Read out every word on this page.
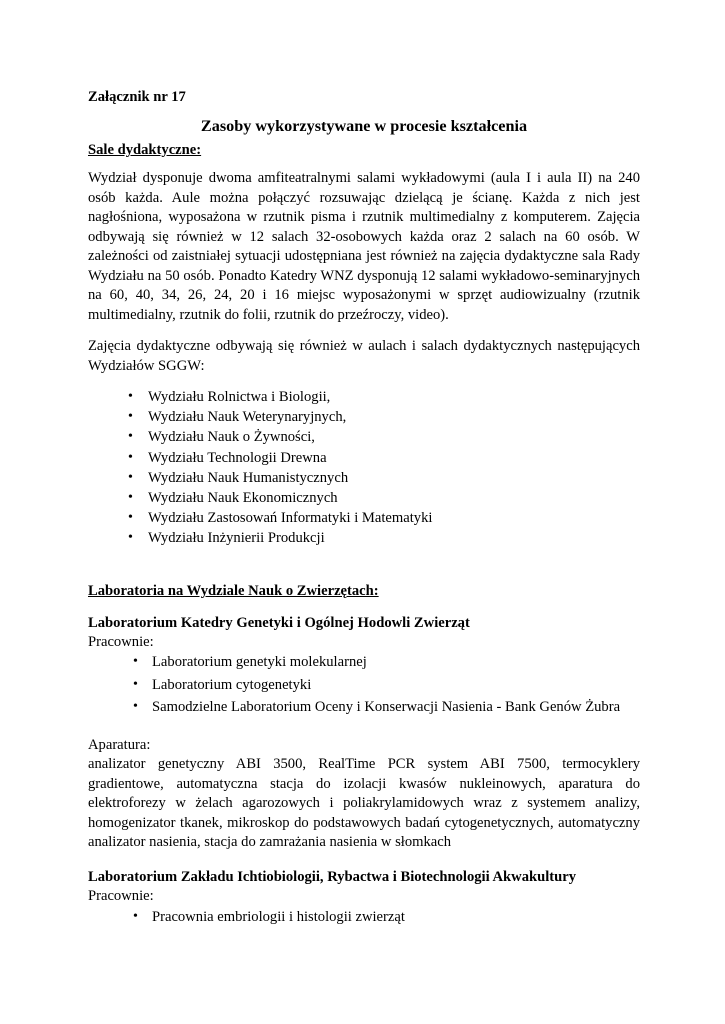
Załącznik nr 17
Zasoby wykorzystywane w procesie kształcenia
Sale dydaktyczne:

Wydział dysponuje dwoma amfiteatralnymi salami wykładowymi (aula I i aula II) na 240 osób każda. Aule można połączyć rozsuwając dzielącą je ścianę. Każda z nich jest nagłośniona, wyposażona w rzutnik pisma i rzutnik multimedialny z komputerem. Zajęcia odbywają się również w 12 salach 32-osobowych każda oraz 2 salach na 60 osób. W zależności od zaistniałej sytuacji udostępniana jest również na zajęcia dydaktyczne sala Rady Wydziału na 50 osób. Ponadto Katedry WNZ dysponują 12 salami wykładowo-seminaryjnych na 60, 40, 34, 26, 24, 20 i 16 miejsc wyposażonymi w sprzęt audiowizualny (rzutnik multimedialny, rzutnik do folii, rzutnik do przeźroczy, video).

Zajęcia dydaktyczne odbywają się również w aulach i salach dydaktycznych następujących Wydziałów SGGW:

• Wydziału Rolnictwa i Biologii,
• Wydziału Nauk Weterynaryjnych,
• Wydziału Nauk o Żywności,
• Wydziału Technologii Drewna
• Wydziału Nauk Humanistycznych
• Wydziału Nauk Ekonomicznych
• Wydziału Zastosowań Informatyki i Matematyki
• Wydziału Inżynierii Produkcji
Laboratoria na Wydziale Nauk o Zwierzętach:
Laboratorium Katedry Genetyki i Ogólnej Hodowli Zwierząt
Pracownie:
• Laboratorium genetyki molekularnej
• Laboratorium cytogenetyki
• Samodzielne Laboratorium Oceny i Konserwacji Nasienia - Bank Genów Żubra
Aparatura:

analizator genetyczny ABI 3500, RealTime PCR system ABI 7500, termocyklery gradientowe, automatyczna stacja do izolacji kwasów nukleinowych, aparatura do elektroforezy w żelach agarozowych i poliakrylamidowych wraz z systemem analizy, homogenizator tkanek, mikroskop do podstawowych badań cytogenetycznych, automatyczny analizator nasienia, stacja do zamrażania nasienia w słomkach

Laboratorium Zakładu Ichtiobiologii, Rybactwa i Biotechnologii Akwakultury
Pracownie:
• Pracownia embriologii i histologii zwierząt
